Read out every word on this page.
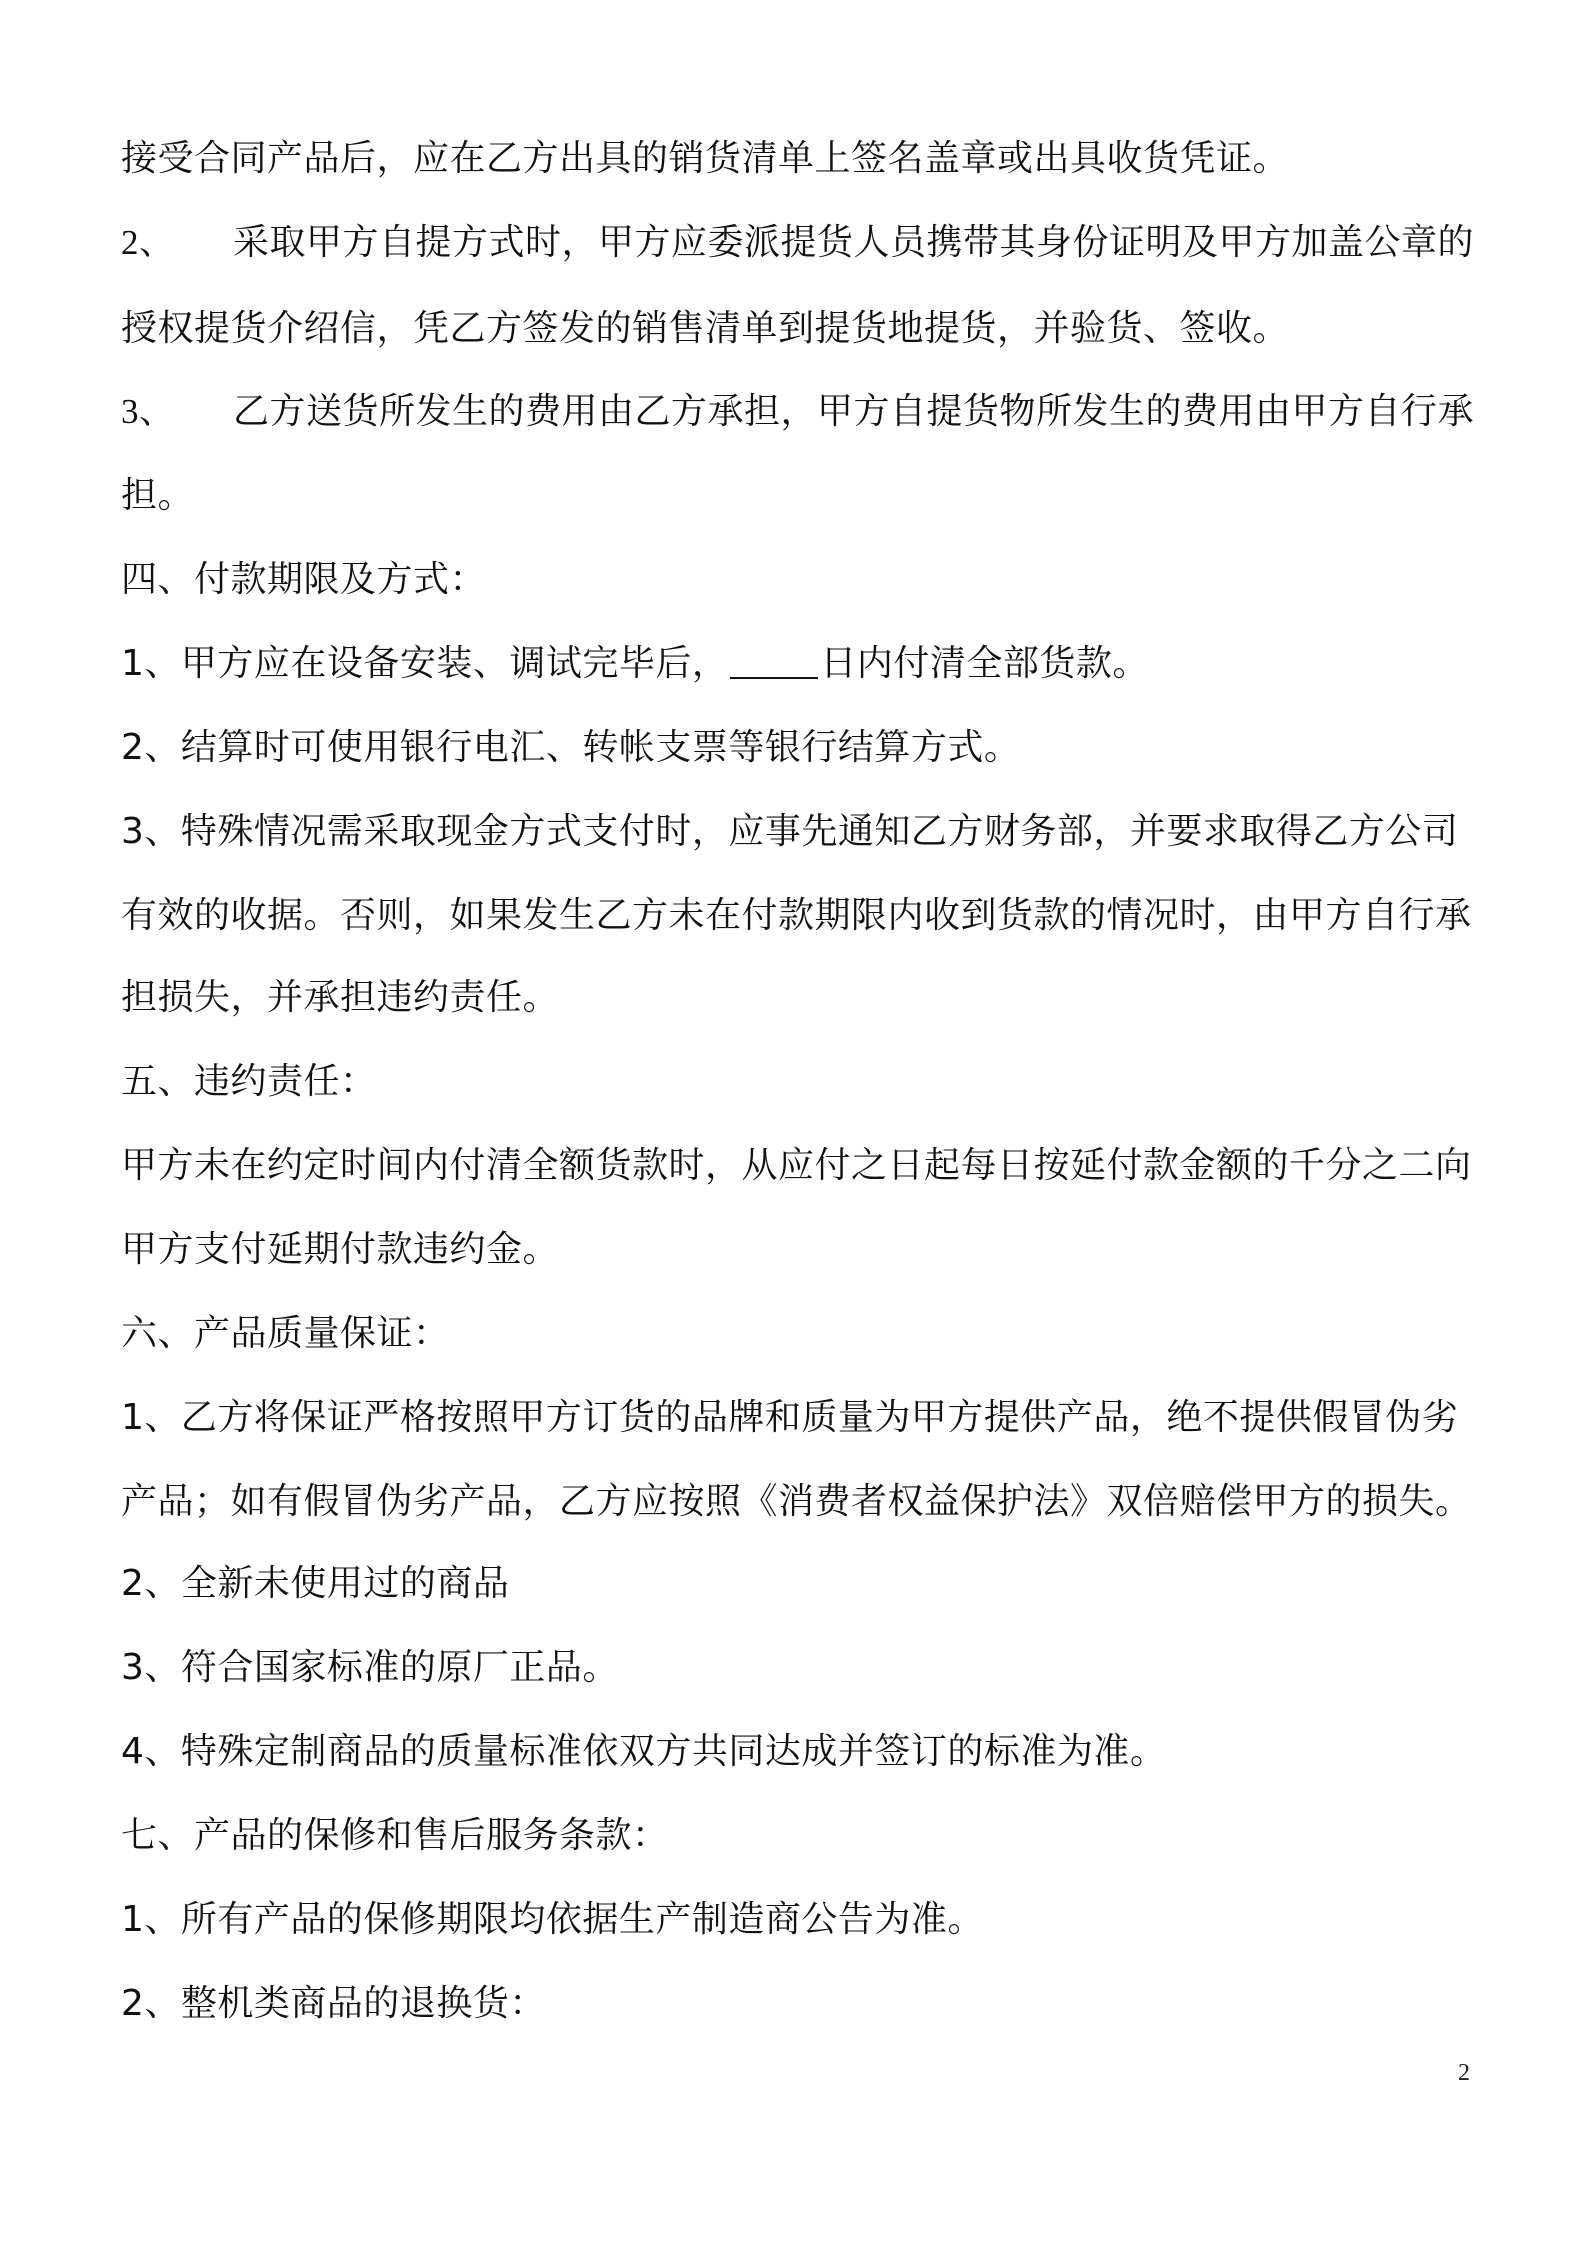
接受合同产品后，应在乙方出具的销货清单上签名盖章或出具收货凭证。
2、 采取甲方自提方式时，甲方应委派提货人员携带其身份证明及甲方加盖公章的
授权提货介绍信，凭乙方签发的销售清单到提货地提货，并验货、签收。
3、 乙方送货所发生的费用由乙方承担，甲方自提货物所发生的费用由甲方自行承
担。
四、付款期限及方式：
1、甲方应在设备安装、调试完毕后，	日内付清全部货款。
2、结算时可使用银行电汇、转帐支票等银行结算方式。
3、特殊情况需采取现金方式支付时，应事先通知乙方财务部，并要求取得乙方公司
有效的收据。否则，如果发生乙方未在付款期限内收到货款的情况时，由甲方自行承
担损失，并承担违约责任。
五、违约责任：
甲方未在约定时间内付清全额货款时，从应付之日起每日按延付款金额的千分之二向
甲方支付延期付款违约金。
六、产品质量保证：
1、乙方将保证严格按照甲方订货的品牌和质量为甲方提供产品，绝不提供假冒伪劣
产品；如有假冒伪劣产品，乙方应按照《消费者权益保护法》双倍赔偿甲方的损失。
2、全新未使用过的商品
3、符合国家标准的原厂正品。
4、特殊定制商品的质量标准依双方共同达成并签订的标准为准。
七、产品的保修和售后服务条款：
1、所有产品的保修期限均依据生产制造商公告为准。
2、整机类商品的退换货：
2
